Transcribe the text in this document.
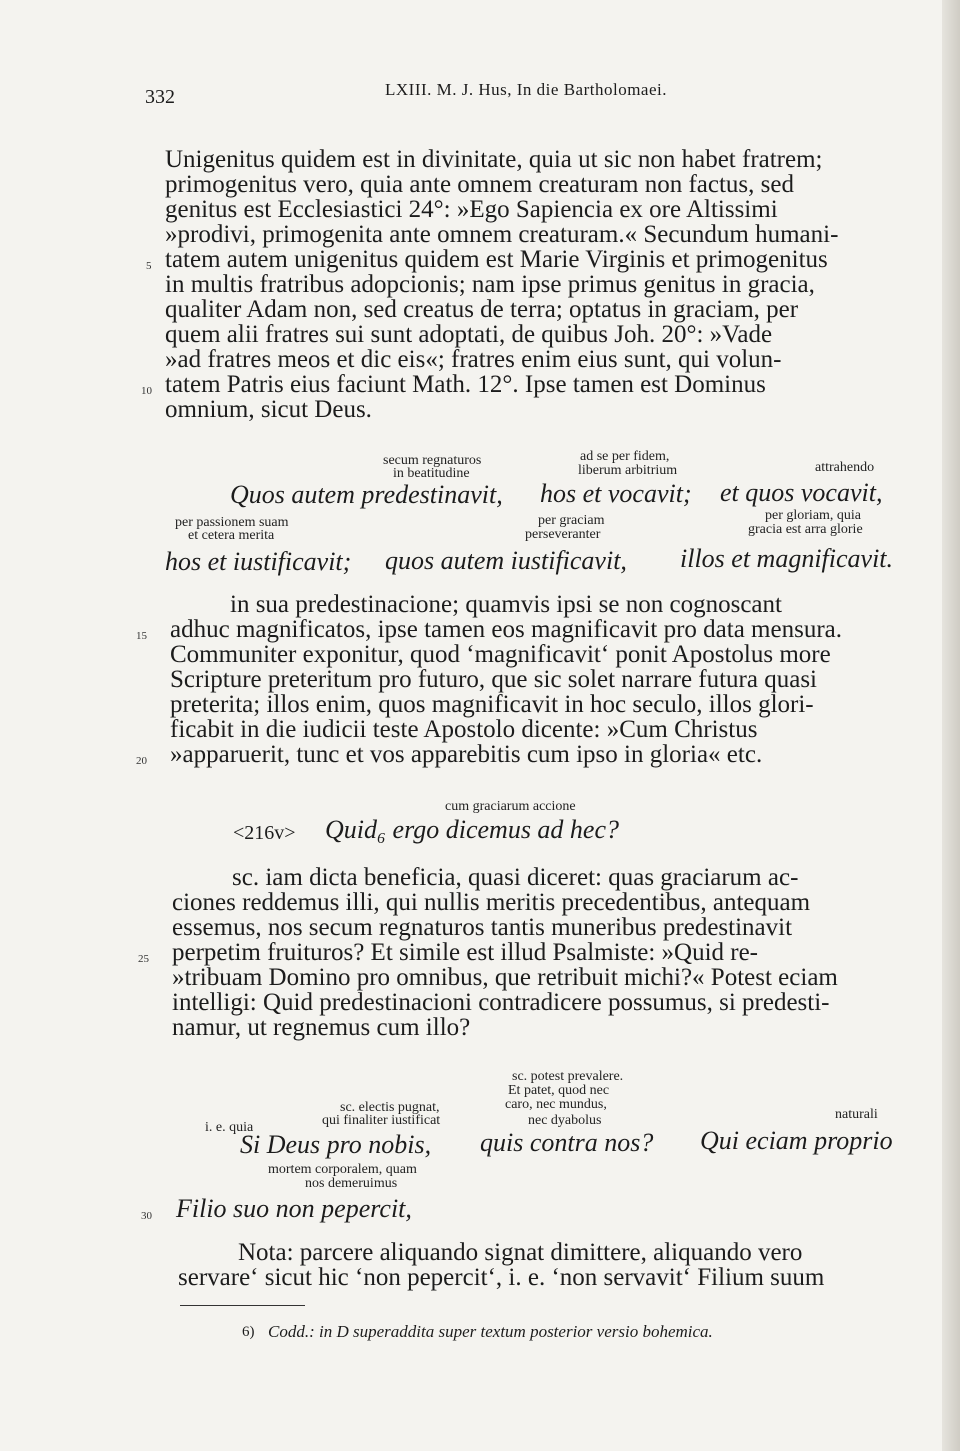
332	LXIII. M. J. Hus, In die Bartholomaei.
Unigenitus quidem est in divinitate, quia ut sic non habet fratrem;
primogenitus vero, quia ante omnem creaturam non factus, sed
genitus est Ecclesiastici 24°: »Ego Sapiencia ex ore Altissimi
»prodivi, primogenita ante omnem creaturam.« Secundum humani-
5 tatem autem unigenitus quidem est Marie Virginis et primogenitus
in multis fratribus adopcionis; nam ipse primus genitus in gracia,
qualiter Adam non, sed creatus de terra; optatus in graciam, per
quem alii fratres sui sunt adoptati, de quibus Joh. 20°: »Vade
»ad fratres meos et dic eis«; fratres enim eius sunt, qui volun-
10 tatem Patris eius faciunt Math. 12°. Ipse tamen est Dominus
omnium, sicut Deus.
secum regnaturos
in beatitudine
ad se per fidem,
liberum arbitrium	attrahendo
Quos autem predestinavit, hos et vocavit; et quos vocavit,
per passionem suam
et cetera merita
per graciam
perseveranter
per gloriam, quia
gracia est arra glorie
hos et iustificavit; quos autem iustificavit, illos et magnificavit.
in sua predestinacione; quamvis ipsi se non cognoscant
15 adhuc magnificatos, ipse tamen eos magnificavit pro data mensura.
Communiter exponitur, quod ‘magnificavit‘ ponit Apostolus more
Scripture preteritum pro futuro, que sic solet narrare futura quasi
preterita; illos enim, quos magnificavit in hoc seculo, illos glori-
ficabit in die iudicii teste Apostolo dicente: »Cum Christus
20 »apparuerit, tunc et vos apparebitis cum ipso in gloria« etc.
cum graciarum accione
<216v> Quid₆ ergo dicemus ad hec?
sc. iam dicta beneficia, quasi diceret: quas graciarum ac-
ciones reddemus illi, qui nullis meritis precedentibus, antequam
essemus, nos secum regnaturos tantis muneribus predestinavit
25 perpetim fruituros? Et simile est illud Psalmiste: »Quid re-
»tribuam Domino pro omnibus, que retribuit michi?« Potest eciam
intelligi: Quid predestinacioni contradicere possumus, si predesti-
namur, ut regnemus cum illo?
sc. potest prevalere.
Et patet, quod nec
caro, nec mundus,
nec dyabolus
sc. electis pugnat,
qui finaliter iustificat
i. e. quia
naturali
Si Deus pro nobis, quis contra nos? Qui eciam proprio
mortem corporalem, quam
nos demeruimus
30 Filio suo non pepercit,
Nota: parcere aliquando signat dimittere, aliquando vero
servare‘ sicut hic ‘non pepercit‘, i. e. ‘non servavit‘ Filium suum
6) Codd.: in D superaddita super textum posterior versio bohemica.
